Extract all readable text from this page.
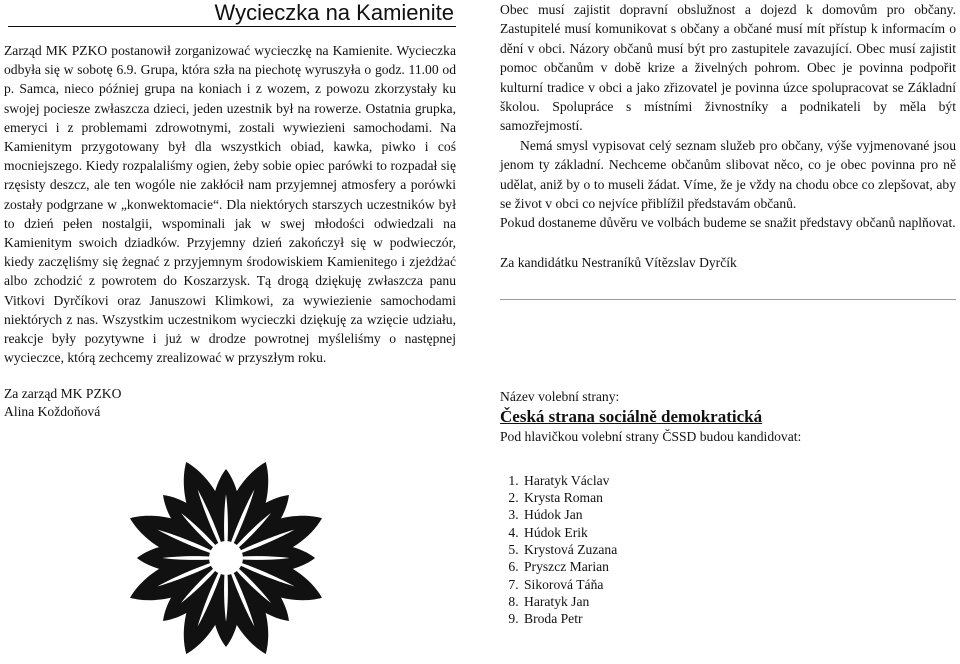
Wycieczka na Kamienite
Zarząd MK PZKO postanowił zorganizować wycieczkę na Kamienite. Wycieczka odbyła się w sobotę 6.9. Grupa, która szła na piechotę wyruszyła o godz. 11.00 od p. Samca, nieco później grupa na koniach i z wozem, z powozu zkorzystały ku swojej pociesze zwłaszcza dzieci, jeden uzestnik był na rowerze. Ostatnia grupka, emeryci i z problemami zdrowotnymi, zostali wywiezieni samochodami. Na Kamienitym przygotowany był dla wszystkich obiad, kawka, piwko i coś mocniejszego. Kiedy rozpalaliśmy ogien, żeby sobie opiec parówki to rozpadał się rzęsisty deszcz, ale ten wogóle nie zakłócił nam przyjemnej atmosfery a porówki zostały podgrzane w „konwektomacie“. Dla niektórych starszych uczestników był to dzień pełen nostalgii, wspominali jak w swej młodości odwiedzali na Kamienitym swoich dziadków. Przyjemny dzień zakończył się w podwieczór, kiedy zaczęliśmy się żegnać z przyjemnym środowiskiem Kamienitego i zjeżdżać albo zchodzić z powrotem do Koszarzysk. Tą drogą dziękuję zwłaszcza panu Vitkovi Dyrčíkovi oraz Januszowi Klimkowi, za wywiezienie samochodami niektórych z nas. Wszystkim uczestnikom wycieczki dziękuję za wzięcie udziału, reakcje były pozytywne i już w drodze powrotnej myśleliśmy o następnej wycieczce, którą zechcemy zrealizować w przyszłym roku.
Za zarząd MK PZKO
Alina Koždoňová

Obec musí zajistit dopravní obslužnost a dojezd k domovům pro občany. Zastupitelé musí komunikovat s občany a občané musí mít přístup k informacím o dění v obci. Názory občanů musí být pro zastupitele zavazující. Obec musí zajistit pomoc občanům v době krize a živelných pohrom. Obec je povinna podpořit kulturní tradice v obci a jako zřizovatel je povinna úzce spolupracovat se Základní školou. Spolupráce s místními živnostníky a podnikateli by měla být samozřejmostí.

Nemá smysl vypisovat celý seznam služeb pro občany, výše vyjmenované jsou jenom ty základní. Nechceme občanům slibovat něco, co je obec povinna pro ně udělat, aniž by o to museli žádat. Víme, že je vždy na chodu obce co zlepšovat, aby se život v obci co nejvíce přiblížil představám občanů.

Pokud dostaneme důvěru ve volbách budeme se snažit představy občanů naplňovat.

Za kandidátku Nestraníků Vítězslav Dyrčík
Název volební strany:
Česká strana sociálně demokratická
Pod hlavičkou volební strany ČSSD budou kandidovat:
1. Haratyk Václav
2. Krysta Roman
3. Húdok Jan
4. Húdok Erik
5. Krystová Zuzana
6. Pryszcz Marian
7. Sikorová Táňa
8. Haratyk Jan
9. Broda Petr
